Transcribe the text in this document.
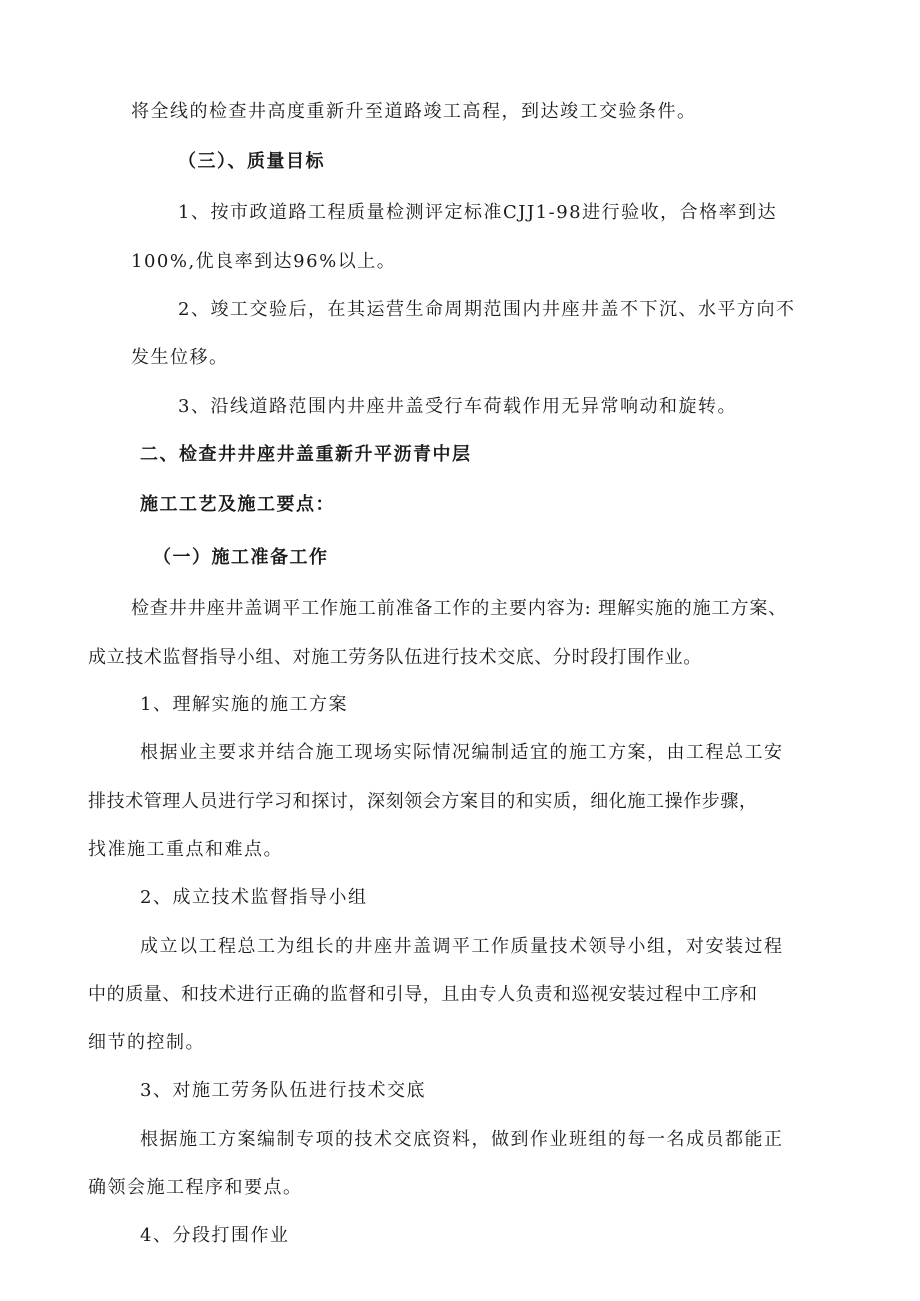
将全线的检查井高度重新升至道路竣工高程，到达竣工交验条件。
（三）、质量目标
1、按市政道路工程质量检测评定标准CJJ1-98进行验收，合格率到达
100%,优良率到达96%以上。
2、竣工交验后，在其运营生命周期范围内井座井盖不下沉、水平方向不
发生位移。
3、沿线道路范围内井座井盖受行车荷载作用无异常响动和旋转。
二、检查井井座井盖重新升平沥青中层
施工工艺及施工要点：
（一）施工准备工作
检查井井座井盖调平工作施工前准备工作的主要内容为: 理解实施的施工方案、
成立技术监督指导小组、对施工劳务队伍进行技术交底、分时段打围作业。
1、理解实施的施工方案
根据业主要求并结合施工现场实际情况编制适宜的施工方案，由工程总工安
排技术管理人员进行学习和探讨，深刻领会方案目的和实质，细化施工操作步骤，
找准施工重点和难点。
2、成立技术监督指导小组
成立以工程总工为组长的井座井盖调平工作质量技术领导小组，对安装过程
中的质量、和技术进行正确的监督和引导，且由专人负责和巡视安装过程中工序和
细节的控制。
3、对施工劳务队伍进行技术交底
根据施工方案编制专项的技术交底资料，做到作业班组的每一名成员都能正
确领会施工程序和要点。
4、分段打围作业
